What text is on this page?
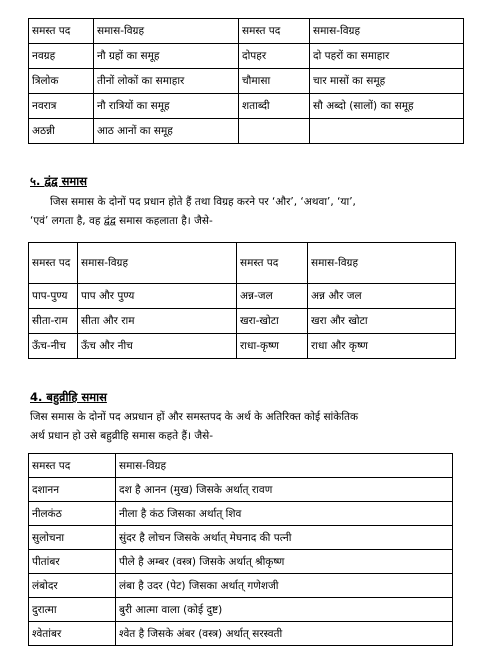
समस्त पद	समास-विग्रह	समस्त पद	समास-विग्रह
नवग्रह	नौ ग्रहों का समूह	दोपहर	दो पहरों का समाहार
त्रिलोक	तीनों लोकों का समाहार	चौमासा	चार मासों का समूह
नवरात्र	नौ रात्रियों का समूह	शताब्दी	सौ अब्दो (सालों) का समूह
अठन्नी	आठ आनों का समूह		
५. द्वंद्व समास
जिस समास के दोनों पद प्रधान होते हैं तथा विग्रह करने पर ‘और’, ‘अथवा’, ‘या’,
‘एवं’ लगता है, वह द्वंद्व समास कहलाता है। जैसे-
समस्त पद	समास-विग्रह	समस्त पद	समास-विग्रह
पाप-पुण्य	पाप और पुण्य	अन्न-जल	अन्न और जल
सीता-राम	सीता और राम	खरा-खोटा	खरा और खोटा
ऊँच-नीच	ऊँच और नीच	राधा-कृष्ण	राधा और कृष्ण
4. बहुव्रीहि समास
जिस समास के दोनों पद अप्रधान हों और समस्तपद के अर्थ के अतिरिक्त कोई सांकेतिक
अर्थ प्रधान हो उसे बहुव्रीहि समास कहते हैं। जैसे-
समस्त पद	समास-विग्रह
दशानन	दश है आनन (मुख) जिसके अर्थात् रावण
नीलकंठ	नीला है कंठ जिसका अर्थात् शिव
सुलोचना	सुंदर है लोचन जिसके अर्थात् मेघनाद की पत्नी
पीतांबर	पीले है अम्बर (वस्त्र) जिसके अर्थात् श्रीकृष्ण
लंबोदर	लंबा है उदर (पेट) जिसका अर्थात् गणेशजी
दुरात्मा	बुरी आत्मा वाला (कोई दुष्ट)
श्वेतांबर	श्वेत है जिसके अंबर (वस्त्र) अर्थात् सरस्वती
